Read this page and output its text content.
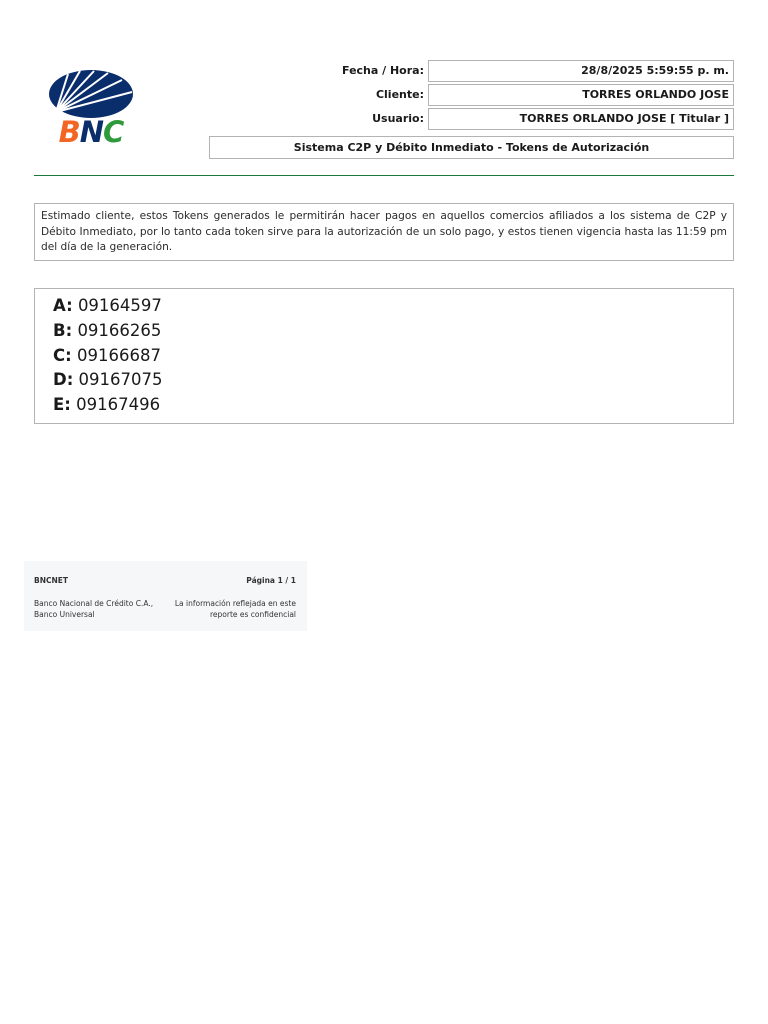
BNC
Fecha / Hora:	28/8/2025 5:59:55 p. m.
Cliente:	TORRES ORLANDO JOSE
Usuario:	TORRES ORLANDO JOSE [ Titular ]
Sistema C2P y Débito Inmediato - Tokens de Autorización
Estimado cliente, estos Tokens generados le permitirán hacer pagos en aquellos comercios afiliados a los sistema de C2P y Débito Inmediato, por lo tanto cada token sirve para la autorización de un solo pago, y estos tienen vigencia hasta las 11:59 pm del día de la generación.
A: 09164597
B: 09166265
C: 09166687
D: 09167075
E: 09167496
BNCNET	Página 1 / 1
Banco Nacional de Crédito C.A., Banco Universal
La información reflejada en este reporte es confidencial
